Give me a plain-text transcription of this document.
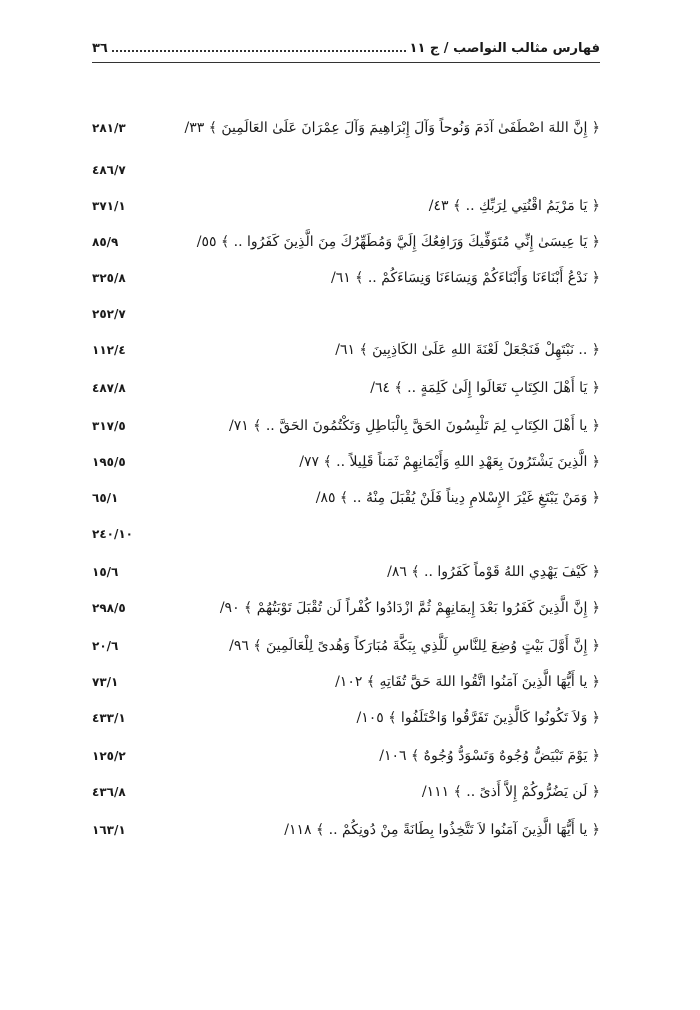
فهارس مثالب النواصب / ج ١١
٣٦
﴿ إِنَّ اللهَ اصْطَفَىٰ آدَمَ وَنُوحاً وَآلَ إِبْرَاهِيمَ وَآلَ عِمْرَانَ عَلَىٰ العَالَمِينَ ﴾ ٣٣/
٢٨١/٣
٤٨٦/٧
﴿ يَا مَرْيَمُ اقْنُتِي لِرَبِّكِ .. ﴾ ٤٣/
٣٧١/١
﴿ يَا عِيسَىٰ إِنِّي مُتَوَفِّيكَ وَرَافِعُكَ إِلَيَّ وَمُطَهِّرُكَ مِنَ الَّذِينَ كَفَرُوا .. ﴾ ٥٥/
٨٥/٩
﴿ نَدْعُ أَبْنَاءَنَا وَأَبْنَاءَكُمْ وَنِسَاءَنَا وَنِسَاءَكُمْ .. ﴾ ٦١/
٣٢٥/٨
٢٥٢/٧
﴿ .. نَبْتَهِلْ فَنَجْعَلْ لَعْنَةَ اللهِ عَلَىٰ الكَاذِبِينَ ﴾ ٦١/
١١٢/٤
﴿ يَا أَهْلَ الكِتَابِ تَعَالَوا إِلَىٰ كَلِمَةٍ .. ﴾ ٦٤/
٤٨٧/٨
﴿ يا أَهْلَ الكِتَابِ لِمَ تَلْبِسُونَ الحَقَّ بِالْبَاطِلِ وَتَكْتُمُونَ الحَقَّ .. ﴾ ٧١/
٣١٧/٥
﴿ الَّذِينَ يَشْتَرُونَ بِعَهْدِ اللهِ وَأَيْمَانِهِمْ ثَمَناً قَلِيلاً .. ﴾ ٧٧/
١٩٥/٥
﴿ وَمَنْ يَبْتَغِ غَيْرَ الإِسْلامِ دِيناً فَلَنْ يُقْبَلَ مِنْهُ .. ﴾ ٨٥/
٦٥/١
٢٤٠/١٠
﴿ كَيْفَ يَهْدِي اللهُ قَوْماً كَفَرُوا .. ﴾ ٨٦/
١٥/٦
﴿ إِنَّ الَّذِينَ كَفَرُوا بَعْدَ إِيمَانِهِمْ ثُمَّ ازْدَادُوا كُفْراً لَن تُقْبَلَ تَوْبَتُهُمْ ﴾ ٩٠/
٢٩٨/٥
﴿ إِنَّ أَوَّلَ بَيْتٍ وُضِعَ لِلنَّاسِ لَلَّذِي بِبَكَّةَ مُبَارَكاً وَهُدىً لِلْعَالَمِينَ ﴾ ٩٦/
٢٠/٦
﴿ يا أَيُّهَا الَّذِينَ آمَنُوا اتَّقُوا اللهَ حَقَّ تُقَاتِهِ ﴾ ١٠٢/
٧٣/١
﴿ وَلاَ تَكُونُوا كَالَّذِينَ تَفَرَّقُوا وَاخْتَلَفُوا ﴾ ١٠٥/
٤٣٣/١
﴿ يَوْمَ تَبْيَضُّ وُجُوهٌ وَتَسْوَدُّ وُجُوهٌ ﴾ ١٠٦/
١٢٥/٢
﴿ لَن يَضُرُّوكُمْ إِلاَّ أَذىً .. ﴾ ١١١/
٤٣٦/٨
﴿ يا أَيُّهَا الَّذِينَ آمَنُوا لاَ تَتَّخِذُوا بِطَانَةً مِنْ دُونِكُمْ .. ﴾ ١١٨/
١٦٣/١
